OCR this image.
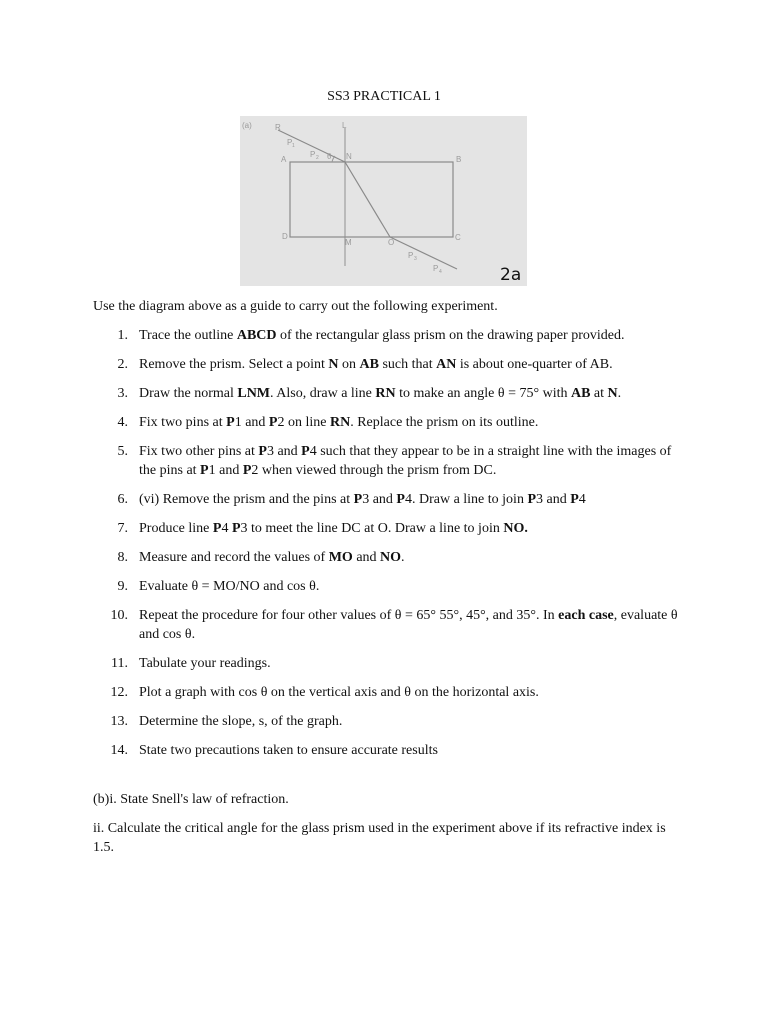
SS3 PRACTICAL 1
(a)	R	L
P 1
P 2 θ N
A	B
D
M	O
C
P 3
P 4	2a
Use the diagram above as a guide to carry out the following experiment.
1. Trace the outline ABCD of the rectangular glass prism on the drawing paper provided.
2. Remove the prism. Select a point N on AB such that AN is about one-quarter of AB.
3. Draw the normal LNM. Also, draw a line RN to make an angle θ = 75° with AB at N.
4. Fix two pins at P1 and P2 on line RN. Replace the prism on its outline.
5. Fix two other pins at P3 and P4 such that they appear to be in a straight line with the images of the pins at P1 and P2 when viewed through the prism from DC.
6. (vi) Remove the prism and the pins at P3 and P4. Draw a line to join P3 and P4
7. Produce line P4 P3 to meet the line DC at O. Draw a line to join NO.
8. Measure and record the values of MO and NO.
9. Evaluate θ = MO/NO and cos θ.
10. Repeat the procedure for four other values of θ = 65° 55°, 45°, and 35°. In each case, evaluate θ and cos θ.
11. Tabulate your readings.
12. Plot a graph with cos θ on the vertical axis and θ on the horizontal axis.
13. Determine the slope, s, of the graph.
14. State two precautions taken to ensure accurate results
(b)i. State Snell's law of refraction.
ii. Calculate the critical angle for the glass prism used in the experiment above if its refractive index is 1.5.
